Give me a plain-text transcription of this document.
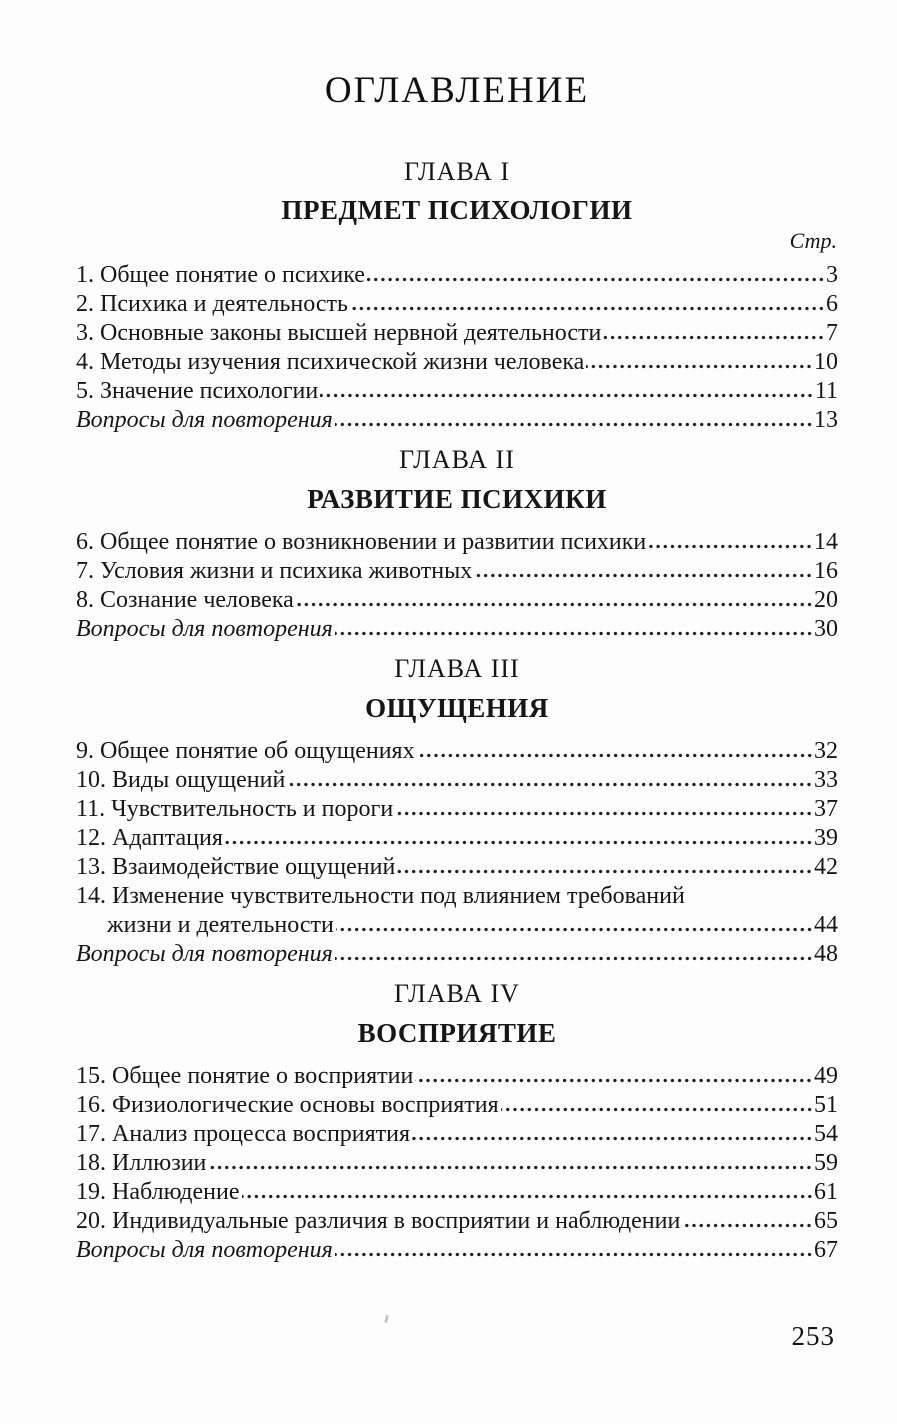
ОГЛАВЛЕНИЕ
ГЛАВА I
ПРЕДМЕТ ПСИХОЛОГИИ
Стр.
1. Общее понятие о психике	3
2. Психика и деятельность	6
3. Основные законы высшей нервной деятельности	7
4. Методы изучения психической жизни человека	10
5. Значение психологии	11
Вопросы для повторения	13
ГЛАВА II
РАЗВИТИЕ ПСИХИКИ
6. Общее понятие о возникновении и развитии психики	14
7. Условия жизни и психика животных	16
8. Сознание человека	20
Вопросы для повторения	30
ГЛАВА III
ОЩУЩЕНИЯ
9. Общее понятие об ощущениях	32
10. Виды ощущений	33
11. Чувствительность и пороги	37
12. Адаптация	39
13. Взаимодействие ощущений	42
14. Изменение чувствительности под влиянием требований
жизни и деятельности	44
Вопросы для повторения	48
ГЛАВА IV
ВОСПРИЯТИЕ
15. Общее понятие о восприятии	49
16. Физиологические основы восприятия	51
17. Анализ процесса восприятия	54
18. Иллюзии	59
19. Наблюдение	61
20. Индивидуальные различия в восприятии и наблюдении	65
Вопросы для повторения	67
253
